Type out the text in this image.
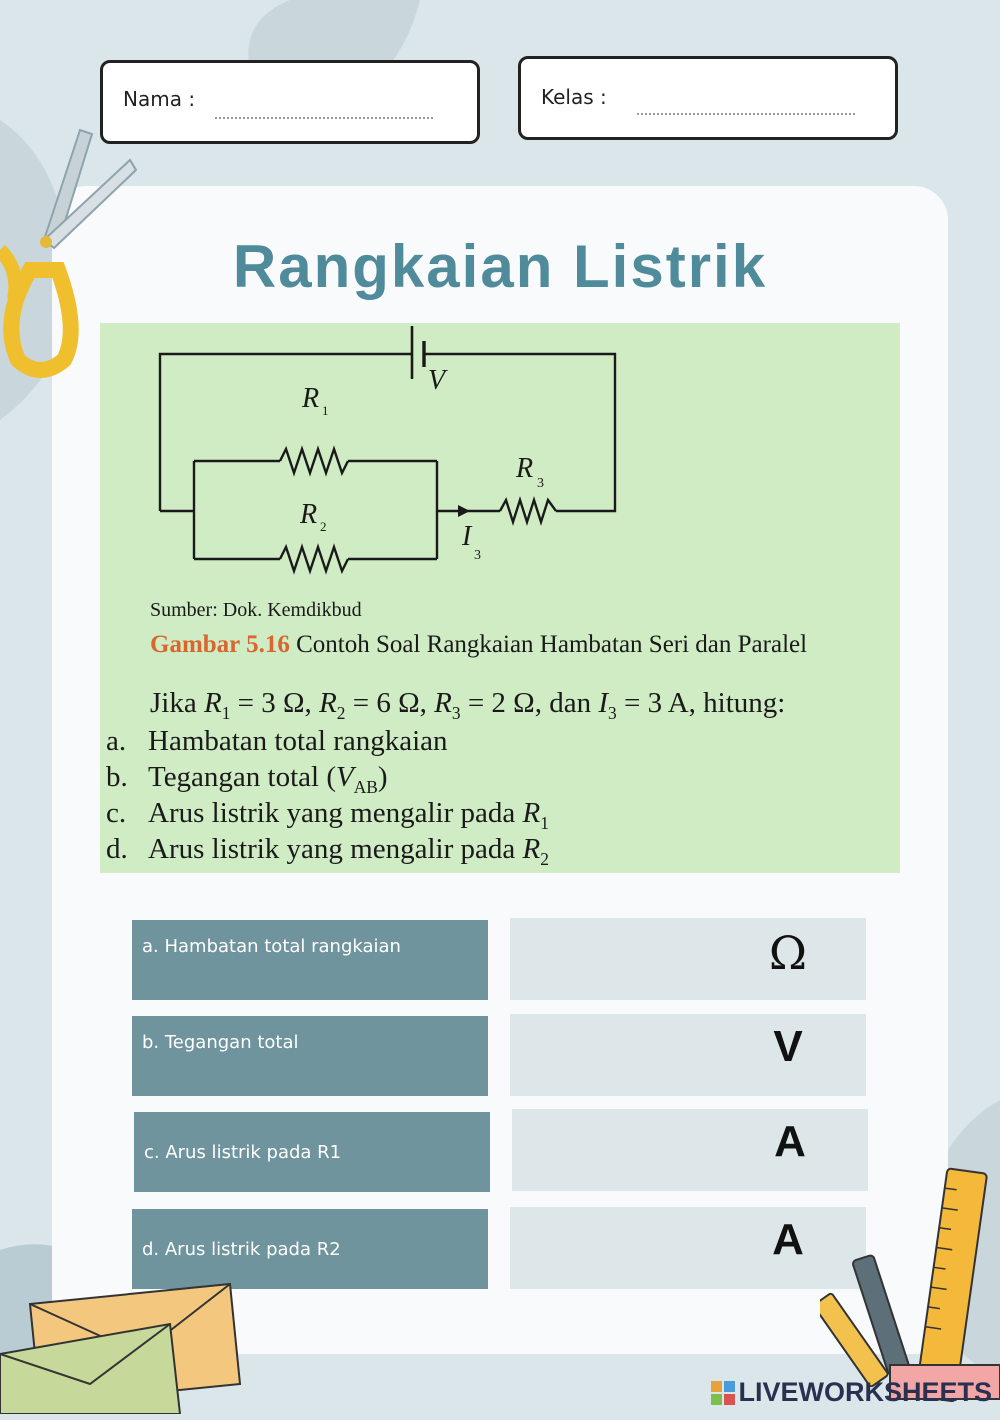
Nama :	Kelas :
Rangkaian Listrik
V
R 1
R 2
R 3
I
3
Sumber: Dok. Kemdikbud
Gambar 5.16 Contoh Soal Rangkaian Hambatan Seri dan Paralel
Jika $R_1 = 3$ Ω, $R_2 = 6$ Ω, $R_3 = 2$ Ω, dan $I_3 = 3$ A, hitung:
a. Hambatan total rangkaian
b. Tegangan total $(V_{AB})$
c. Arus listrik yang mengalir pada $R_1$
d. Arus listrik yang mengalir pada $R_2$
a. Hambatan total rangkaian	Ω
b. Tegangan total	V
c. Arus listrik pada R1	A
d. Arus listrik pada R2	A
LIVEWORKSHEETS
